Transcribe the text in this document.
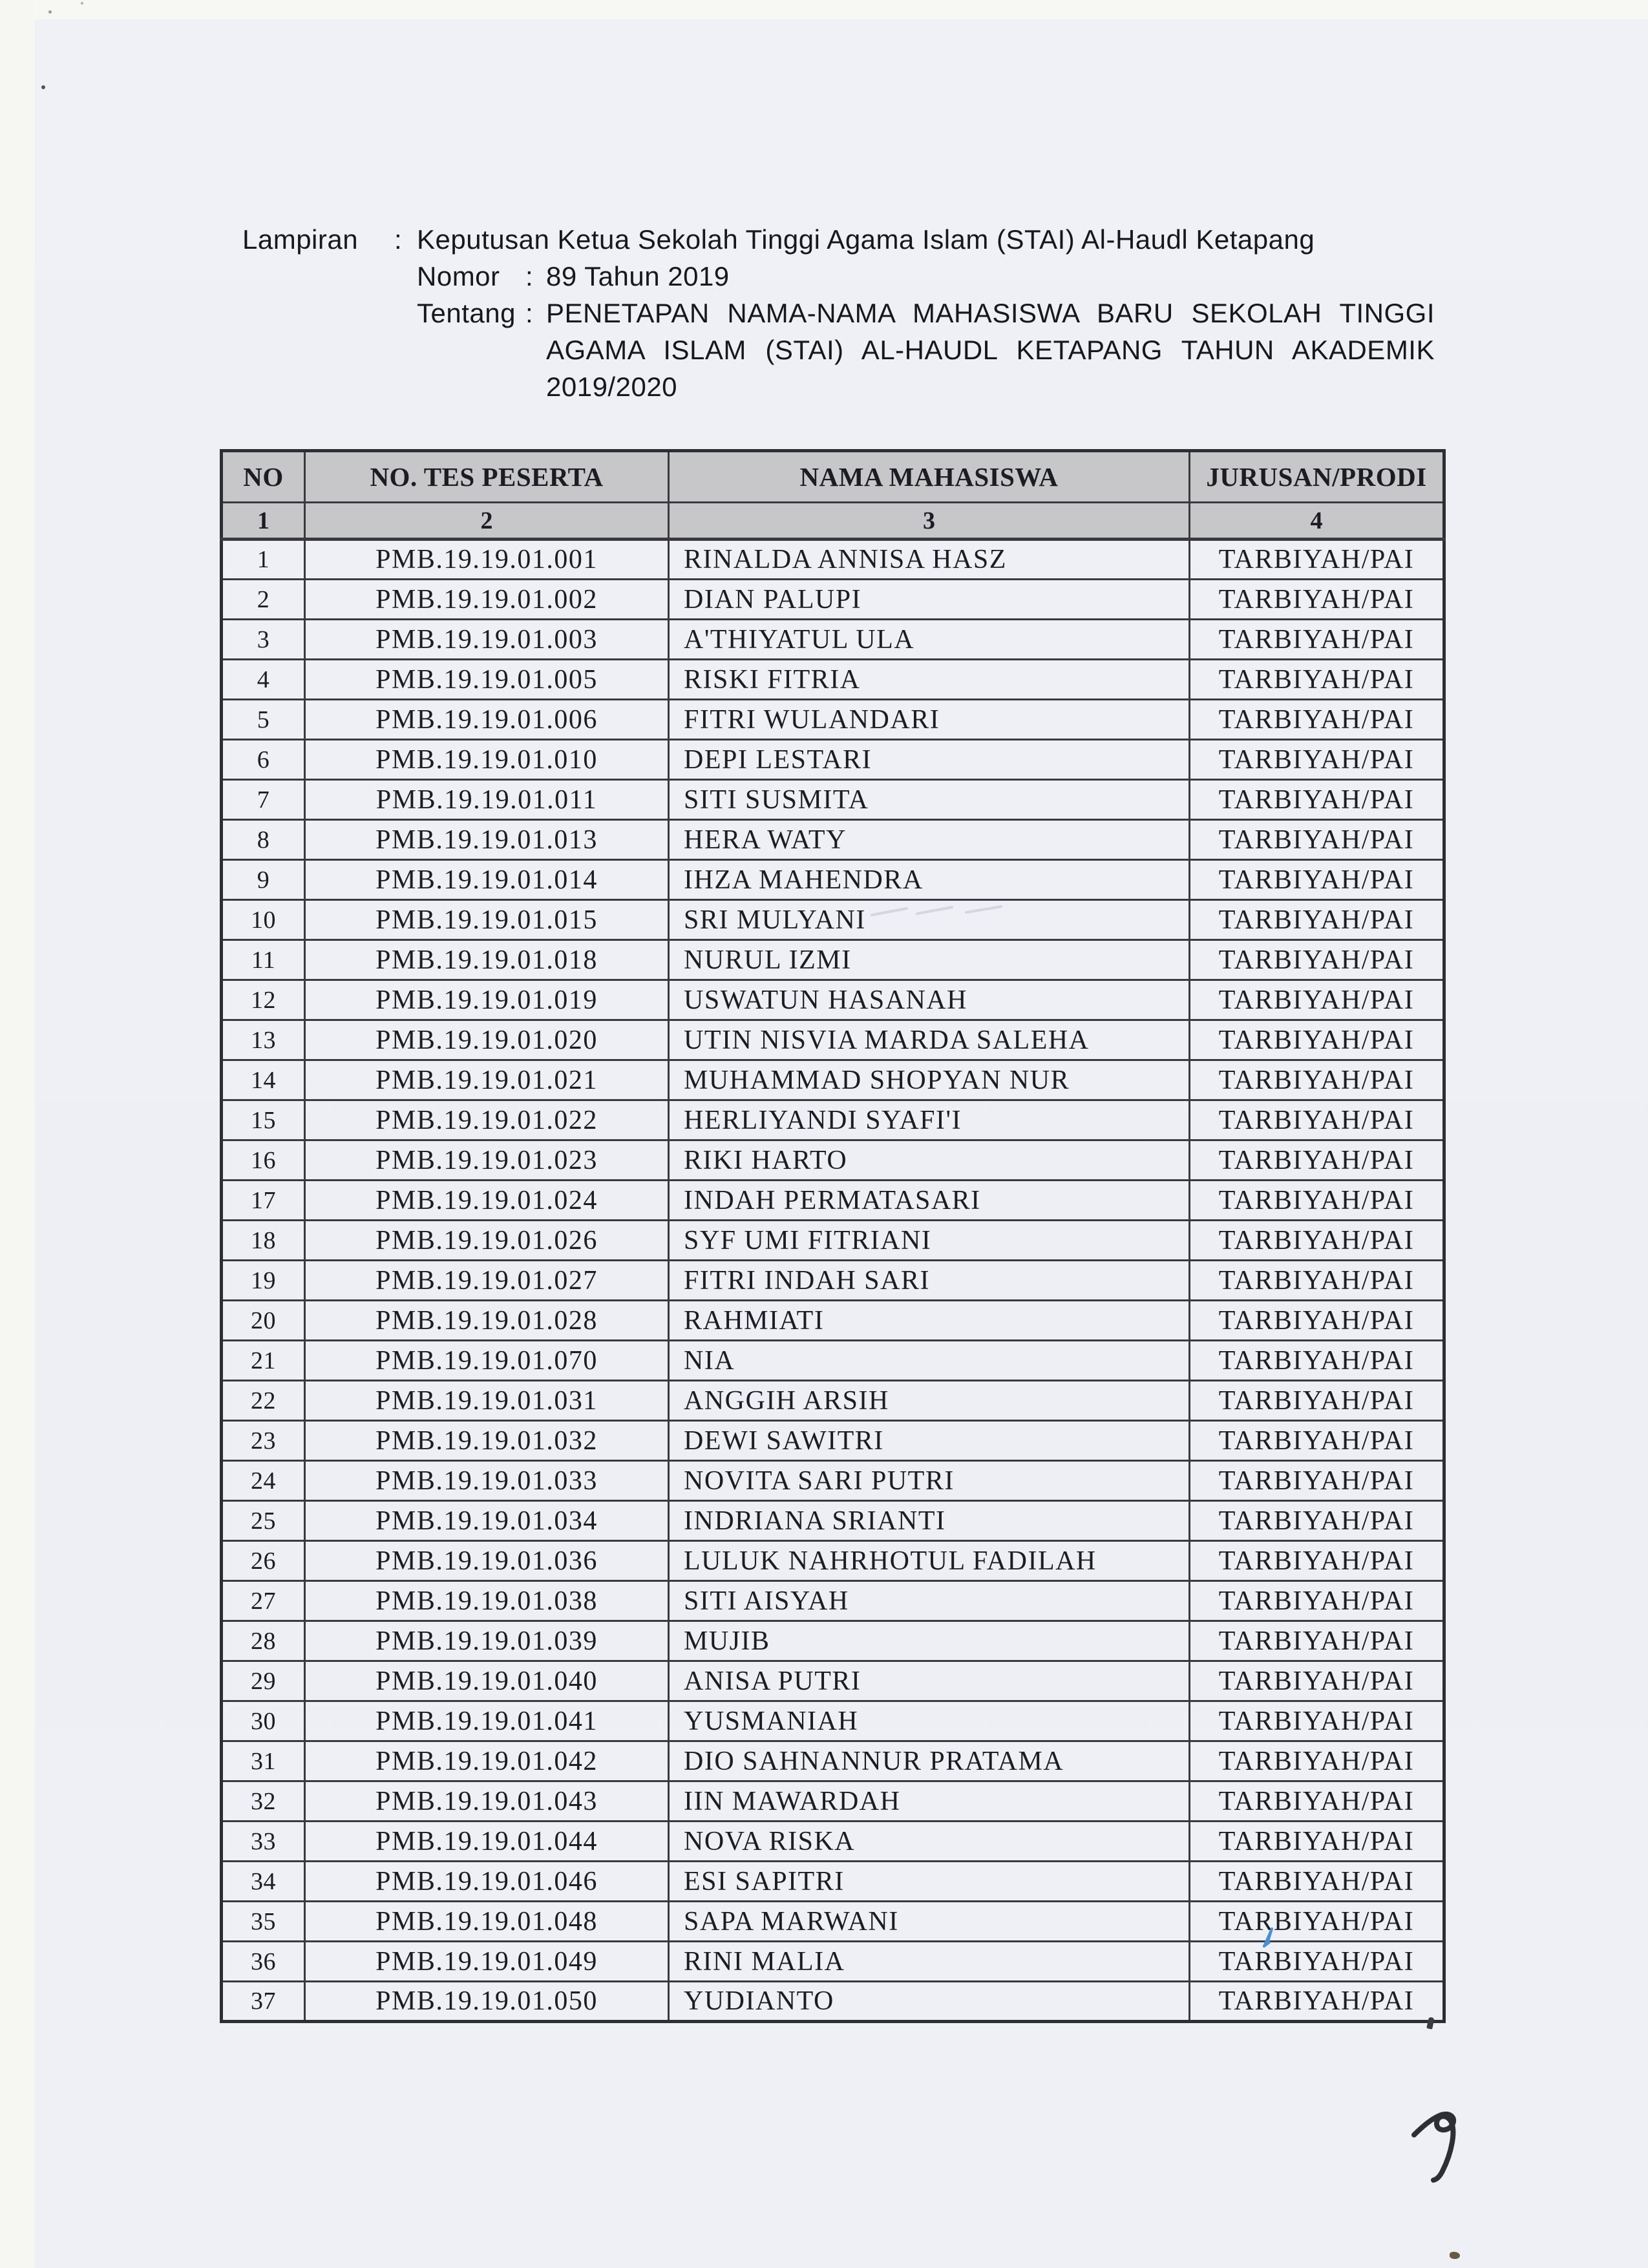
Lampiran	: Keputusan Ketua Sekolah Tinggi Agama Islam (STAI) Al-Haudl Ketapang
Nomor : 89 Tahun 2019
Tentang : PENETAPAN NAMA-NAMA MAHASISWA BARU SEKOLAH TINGGI
AGAMA ISLAM (STAI) AL-HAUDL KETAPANG TAHUN AKADEMIK
2019/2020
NO	NO. TES PESERTA	NAMA MAHASISWA	JURUSAN/PRODI
1	2	3	4
1	PMB.19.19.01.001	RINALDA ANNISA HASZ	TARBIYAH/PAI
2	PMB.19.19.01.002	DIAN PALUPI	TARBIYAH/PAI
3	PMB.19.19.01.003	A'THIYATUL ULA	TARBIYAH/PAI
4	PMB.19.19.01.005	RISKI FITRIA	TARBIYAH/PAI
5	PMB.19.19.01.006	FITRI WULANDARI	TARBIYAH/PAI
6	PMB.19.19.01.010	DEPI LESTARI	TARBIYAH/PAI
7	PMB.19.19.01.011	SITI SUSMITA	TARBIYAH/PAI
8	PMB.19.19.01.013	HERA WATY	TARBIYAH/PAI
9	PMB.19.19.01.014	IHZA MAHENDRA	TARBIYAH/PAI
10	PMB.19.19.01.015	SRI MULYANI	TARBIYAH/PAI
11	PMB.19.19.01.018	NURUL IZMI	TARBIYAH/PAI
12	PMB.19.19.01.019	USWATUN HASANAH	TARBIYAH/PAI
13	PMB.19.19.01.020	UTIN NISVIA MARDA SALEHA	TARBIYAH/PAI
14	PMB.19.19.01.021	MUHAMMAD SHOPYAN NUR	TARBIYAH/PAI
15	PMB.19.19.01.022	HERLIYANDI SYAFI'I	TARBIYAH/PAI
16	PMB.19.19.01.023	RIKI HARTO	TARBIYAH/PAI
17	PMB.19.19.01.024	INDAH PERMATASARI	TARBIYAH/PAI
18	PMB.19.19.01.026	SYF UMI FITRIANI	TARBIYAH/PAI
19	PMB.19.19.01.027	FITRI INDAH SARI	TARBIYAH/PAI
20	PMB.19.19.01.028	RAHMIATI	TARBIYAH/PAI
21	PMB.19.19.01.070	NIA	TARBIYAH/PAI
22	PMB.19.19.01.031	ANGGIH ARSIH	TARBIYAH/PAI
23	PMB.19.19.01.032	DEWI SAWITRI	TARBIYAH/PAI
24	PMB.19.19.01.033	NOVITA SARI PUTRI	TARBIYAH/PAI
25	PMB.19.19.01.034	INDRIANA SRIANTI	TARBIYAH/PAI
26	PMB.19.19.01.036	LULUK NAHRHOTUL FADILAH	TARBIYAH/PAI
27	PMB.19.19.01.038	SITI AISYAH	TARBIYAH/PAI
28	PMB.19.19.01.039	MUJIB	TARBIYAH/PAI
29	PMB.19.19.01.040	ANISA PUTRI	TARBIYAH/PAI
30	PMB.19.19.01.041	YUSMANIAH	TARBIYAH/PAI
31	PMB.19.19.01.042	DIO SAHNANNUR PRATAMA	TARBIYAH/PAI
32	PMB.19.19.01.043	IIN MAWARDAH	TARBIYAH/PAI
33	PMB.19.19.01.044	NOVA RISKA	TARBIYAH/PAI
34	PMB.19.19.01.046	ESI SAPITRI	TARBIYAH/PAI
35	PMB.19.19.01.048	SAPA MARWANI	TARBIYAH/PAI
36	PMB.19.19.01.049	RINI MALIA	TARBIYAH/PAI
37	PMB.19.19.01.050	YUDIANTO	TARBIYAH/PAI
